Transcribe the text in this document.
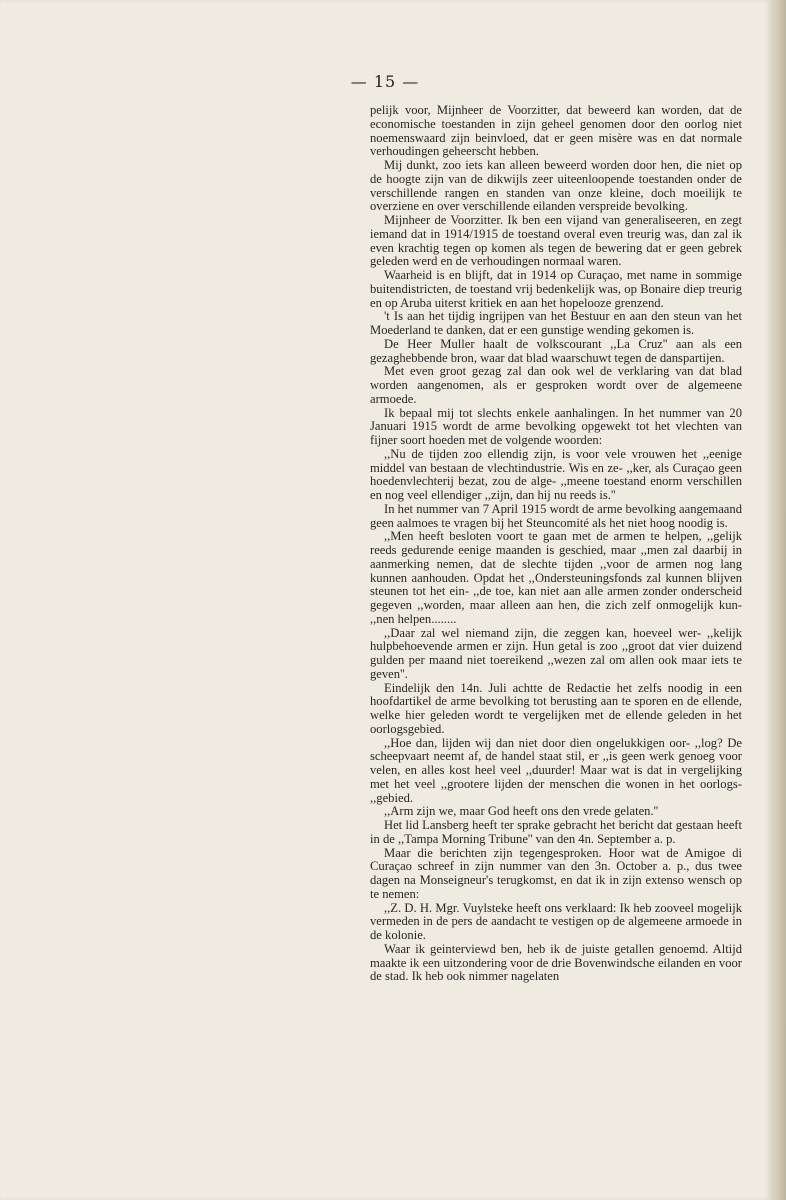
— 15 —

pelijk voor, Mijnheer de Voorzitter, dat beweerd kan worden, dat de economische toestanden in zijn geheel genomen door den oorlog niet noemenswaard zijn beinvloed, dat er geen misère was en dat normale verhoudingen geheerscht hebben.

Mij dunkt, zoo iets kan alleen beweerd worden door hen, die niet op de hoogte zijn van de dikwijls zeer uiteenloopende toestanden onder de verschillende rangen en standen van onze kleine, doch moeilijk te overziene en over verschillende eilanden verspreide bevolking.

Mijnheer de Voorzitter. Ik ben een vijand van generaliseeren, en zegt iemand dat in 1914/1915 de toestand overal even treurig was, dan zal ik even krachtig tegen op komen als tegen de bewering dat er geen gebrek geleden werd en de verhoudingen normaal waren.

Waarheid is en blijft, dat in 1914 op Curaçao, met name in sommige buitendistricten, de toestand vrij bedenkelijk was, op Bonaire diep treurig en op Aruba uiterst kritiek en aan het hopelooze grenzend.

't Is aan het tijdig ingrijpen van het Bestuur en aan den steun van het Moederland te danken, dat er een gunstige wending gekomen is.

De Heer Muller haalt de volkscourant ,,La Cruz'' aan als een gezaghebbende bron, waar dat blad waarschuwt tegen de danspartijen.

Met even groot gezag zal dan ook wel de verklaring van dat blad worden aangenomen, als er gesproken wordt over de algemeene armoede.

Ik bepaal mij tot slechts enkele aanhalingen. In het nummer van 20 Januari 1915 wordt de arme bevolking opgewekt tot het vlechten van fijner soort hoeden met de volgende woorden:

,,Nu de tijden zoo ellendig zijn, is voor vele vrouwen het ,,eenige middel van bestaan de vlechtindustrie. Wis en ze- ,,ker, als Curaçao geen hoedenvlechterij bezat, zou de alge- ,,meene toestand enorm verschillen en nog veel ellendiger ,,zijn, dan hij nu reeds is.''

In het nummer van 7 April 1915 wordt de arme bevolking aangemaand geen aalmoes te vragen bij het Steuncomité als het niet hoog noodig is.

,,Men heeft besloten voort te gaan met de armen te helpen, ,,gelijk reeds gedurende eenige maanden is geschied, maar ,,men zal daarbij in aanmerking nemen, dat de slechte tijden ,,voor de armen nog lang kunnen aanhouden. Opdat het ,,Ondersteuningsfonds zal kunnen blijven steunen tot het ein- ,,de toe, kan niet aan alle armen zonder onderscheid gegeven ,,worden, maar alleen aan hen, die zich zelf onmogelijk kun- ,,nen helpen........

,,Daar zal wel niemand zijn, die zeggen kan, hoeveel wer- ,,kelijk hulpbehoevende armen er zijn. Hun getal is zoo ,,groot dat vier duizend gulden per maand niet toereikend ,,wezen zal om allen ook maar iets te geven''.

Eindelijk den 14n. Juli achtte de Redactie het zelfs noodig in een hoofdartikel de arme bevolking tot berusting aan te sporen en de ellende, welke hier geleden wordt te vergelijken met de ellende geleden in het oorlogsgebied.

,,Hoe dan, lijden wij dan niet door dien ongelukkigen oor- ,,log? De scheepvaart neemt af, de handel staat stil, er ,,is geen werk genoeg voor velen, en alles kost heel veel ,,duurder! Maar wat is dat in vergelijking met het veel ,,grootere lijden der menschen die wonen in het oorlogs- ,,gebied.

,,Arm zijn we, maar God heeft ons den vrede gelaten.''

Het lid Lansberg heeft ter sprake gebracht het bericht dat gestaan heeft in de ,,Tampa Morning Tribune'' van den 4n. September a. p.

Maar die berichten zijn tegengesproken. Hoor wat de Amigoe di Curaçao schreef in zijn nummer van den 3n. October a. p., dus twee dagen na Monseigneur's terugkomst, en dat ik in zijn extenso wensch op te nemen:

,,Z. D. H. Mgr. Vuylsteke heeft ons verklaard: Ik heb zooveel mogelijk vermeden in de pers de aandacht te vestigen op de algemeene armoede in de kolonie.

Waar ik geinterviewd ben, heb ik de juiste getallen genoemd. Altijd maakte ik een uitzondering voor de drie Bovenwindsche eilanden en voor de stad. Ik heb ook nimmer nagelaten
